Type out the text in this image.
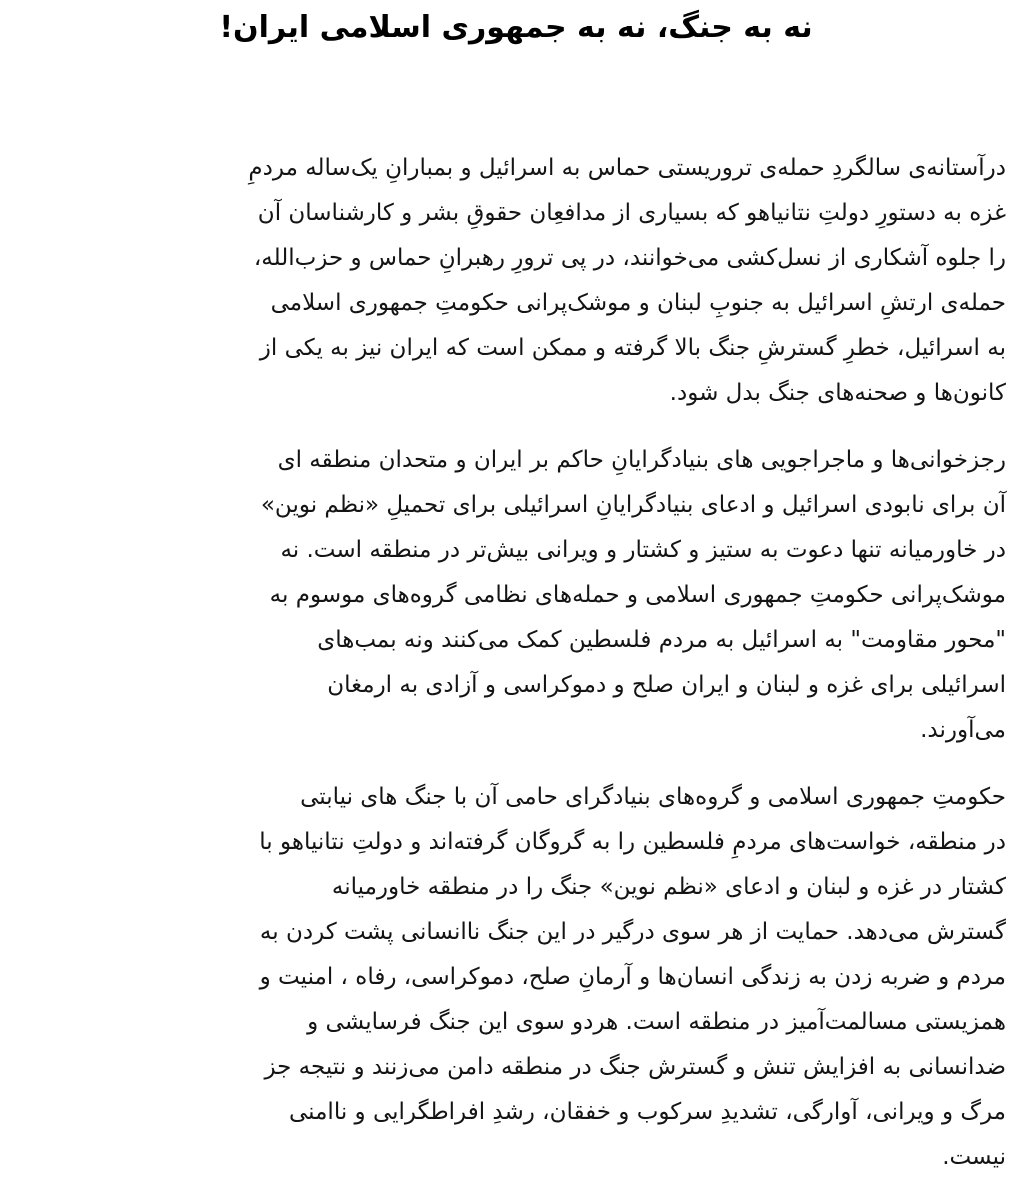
نه به جنگ، نه به جمهوری اسلامی ایران!

درآستانه‌ی سالگردِ حمله‌ی تروریستی حماس به اسرائیل و بمبارانِ یک‌ساله مردمِ
غزه به دستورِ دولتِ نتانیاهو که بسیاری از مدافعِان حقوقِ بشر و کارشناسان آن
را جلوه آشکاری از نسل‌کشی می‌خوانند، در پی ترورِ رهبرانِ حماس و حزب‌الله،
حمله‌ی ارتشِ اسرائیل به جنوبِ لبنان و موشک‌پرانی حکومتِ جمهوری اسلامی
به اسرائیل، خطرِ گسترشِ جنگ بالا گرفته و ممکن است که ایران نیز به یکی از
کانون‌ها و صحنه‌های جنگ بدل شود.

رجزخوانی‌ها و ماجراجویی های بنیادگرایانِ حاکم بر ایران و متحدان منطقه ای
آن برای نابودی اسرائیل و ادعای بنیادگرایانِ اسرائیلی برای تحمیلِ «نظم نوین»
در خاورمیانه تنها دعوت به ستیز و کشتار و ویرانی بیش‌تر در منطقه است. نه
موشک‌پرانی حکومتِ جمهوری اسلامی و حمله‌های نظامی گروه‌های موسوم به
"محور مقاومت" به اسرائیل به مردم فلسطین کمک می‌کنند ونه بمب‌های
اسرائیلی برای غزه و لبنان و ایران صلح و دموکراسی و آزادی به ارمغان
می‌آورند.

حکومتِ جمهوری اسلامی و گروه‌های بنیادگرای حامی آن با جنگ های نیابتی
در منطقه، خواست‌های مردمِ فلسطین را به گروگان گرفته‌اند و دولتِ نتانیاهو با
کشتار در غزه و لبنان و ادعای «نظم نوین» جنگ را در منطقه خاورمیانه
گسترش می‌دهد. حمایت از هر سوی درگیر در این جنگ ناانسانی پشت کردن به
مردم و ضربه زدن به زندگی انسان‌ها و آرمانِ صلح، دموکراسی، رفاه ، امنیت و
همزیستی مسالمت‌آمیز در منطقه است. هردو سوی این جنگ فرسایشی و
ضدانسانی به افزایش تنش و گسترش جنگ در منطقه دامن می‌زنند و نتیجه جز
مرگ و ویرانی، آوارگی، تشدیدِ سرکوب و خفقان، رشدِ افراطگرایی و ناامنی
نیست.
